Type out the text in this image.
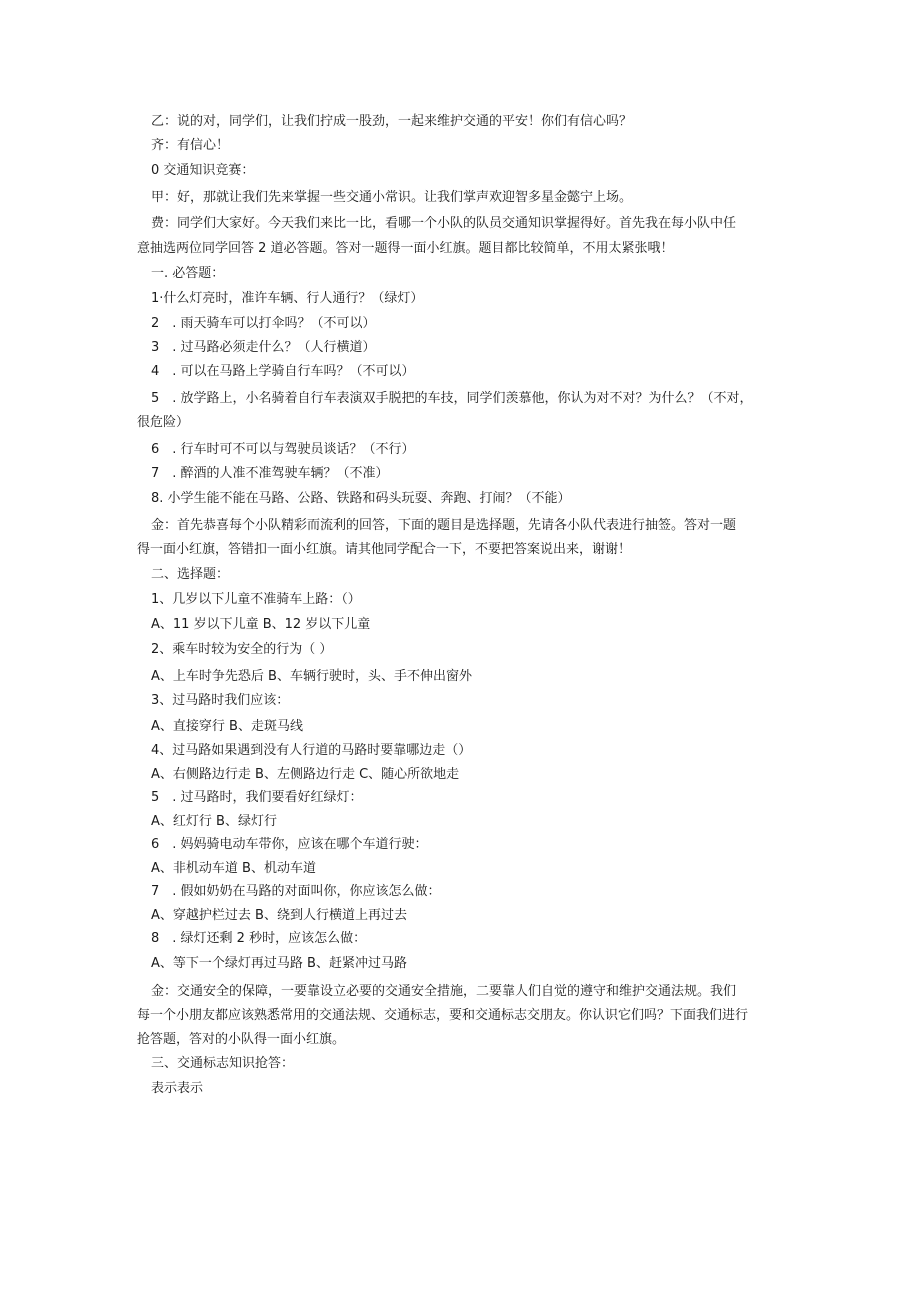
乙：说的对，同学们，让我们拧成一股劲，一起来维护交通的平安！你们有信心吗？
齐：有信心！
0 交通知识竞赛：
甲：好，那就让我们先来掌握一些交通小常识。让我们掌声欢迎智多星金懿宁上场。
费：同学们大家好。今天我们来比一比，看哪一个小队的队员交通知识掌握得好。首先我在每小队中任
意抽选两位同学回答 2 道必答题。答对一题得一面小红旗。题目都比较简单，不用太紧张哦！
一. 必答题：
1·什么灯亮时，准许车辆、行人通行？（绿灯）
2　. 雨天骑车可以打伞吗？（不可以）
3　. 过马路必须走什么？（人行横道）
4　. 可以在马路上学骑自行车吗？（不可以）
5　. 放学路上，小名骑着自行车表演双手脱把的车技，同学们羡慕他，你认为对不对？为什么？（不对，
很危险）
6　. 行车时可不可以与驾驶员谈话？（不行）
7　. 醉酒的人准不准驾驶车辆？（不准）
8. 小学生能不能在马路、公路、铁路和码头玩耍、奔跑、打闹？（不能）
金：首先恭喜每个小队精彩而流利的回答，下面的题目是选择题，先请各小队代表进行抽签。答对一题
得一面小红旗，答错扣一面小红旗。请其他同学配合一下，不要把答案说出来，谢谢！
二、选择题：
1、几岁以下儿童不准骑车上路：（）
A、11 岁以下儿童 B、12 岁以下儿童
2、乘车时较为安全的行为（ ）
A、上车时争先恐后 B、车辆行驶时，头、手不伸出窗外
3、过马路时我们应该：
A、直接穿行 B、走斑马线
4、过马路如果遇到没有人行道的马路时要靠哪边走（）
A、右侧路边行走 B、左侧路边行走 C、随心所欲地走
5　. 过马路时，我们要看好红绿灯：
A、红灯行 B、绿灯行
6　. 妈妈骑电动车带你，应该在哪个车道行驶：
A、非机动车道 B、机动车道
7　. 假如奶奶在马路的对面叫你，你应该怎么做：
A、穿越护栏过去 B、绕到人行横道上再过去
8　. 绿灯还剩 2 秒时，应该怎么做：
A、等下一个绿灯再过马路 B、赶紧冲过马路
金：交通安全的保障，一要靠设立必要的交通安全措施，二要靠人们自觉的遵守和维护交通法规。我们
每一个小朋友都应该熟悉常用的交通法规、交通标志，要和交通标志交朋友。你认识它们吗？下面我们进行
抢答题，答对的小队得一面小红旗。
三、交通标志知识抢答：
表示表示
